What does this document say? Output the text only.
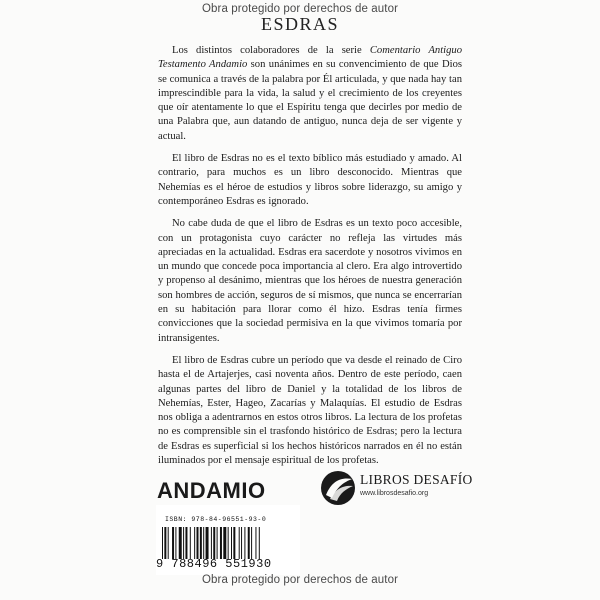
Obra protegido por derechos de autor
ESDRAS

Los distintos colaboradores de la serie Comentario Antiguo Testamento Andamio son unánimes en su convencimiento de que Dios se comunica a través de la palabra por Él articulada, y que nada hay tan imprescindible para la vida, la salud y el crecimiento de los creyentes que oír atentamente lo que el Espíritu tenga que decirles por medio de una Palabra que, aun datando de antiguo, nunca deja de ser vigente y actual.

El libro de Esdras no es el texto bíblico más estudiado y amado. Al contrario, para muchos es un libro desconocido. Mientras que Nehemías es el héroe de estudios y libros sobre liderazgo, su amigo y contemporáneo Esdras es ignorado.

No cabe duda de que el libro de Esdras es un texto poco accesible, con un protagonista cuyo carácter no refleja las virtudes más apreciadas en la actualidad. Esdras era sacerdote y nosotros vivimos en un mundo que concede poca importancia al clero. Era algo introvertido y propenso al desánimo, mientras que los héroes de nuestra generación son hombres de acción, seguros de sí mismos, que nunca se encerrarían en su habitación para llorar como él hizo. Esdras tenía firmes convicciones que la sociedad permisiva en la que vivimos tomaría por intransigentes.

El libro de Esdras cubre un período que va desde el reinado de Ciro hasta el de Artajerjes, casi noventa años. Dentro de este período, caen algunas partes del libro de Daniel y la totalidad de los libros de Nehemías, Ester, Hageo, Zacarías y Malaquías. El estudio de Esdras nos obliga a adentrarnos en estos otros libros. La lectura de los profetas no es comprensible sin el trasfondo histórico de Esdras; pero la lectura de Esdras es superficial si los hechos históricos narrados en él no están iluminados por el mensaje espiritual de los profetas.

ANDAMIO	LIBROS DESAFÍO
www.librosdesafio.org
ISBN: 978-84-96551-93-0
9 788496 551930
Obra protegido por derechos de autor
